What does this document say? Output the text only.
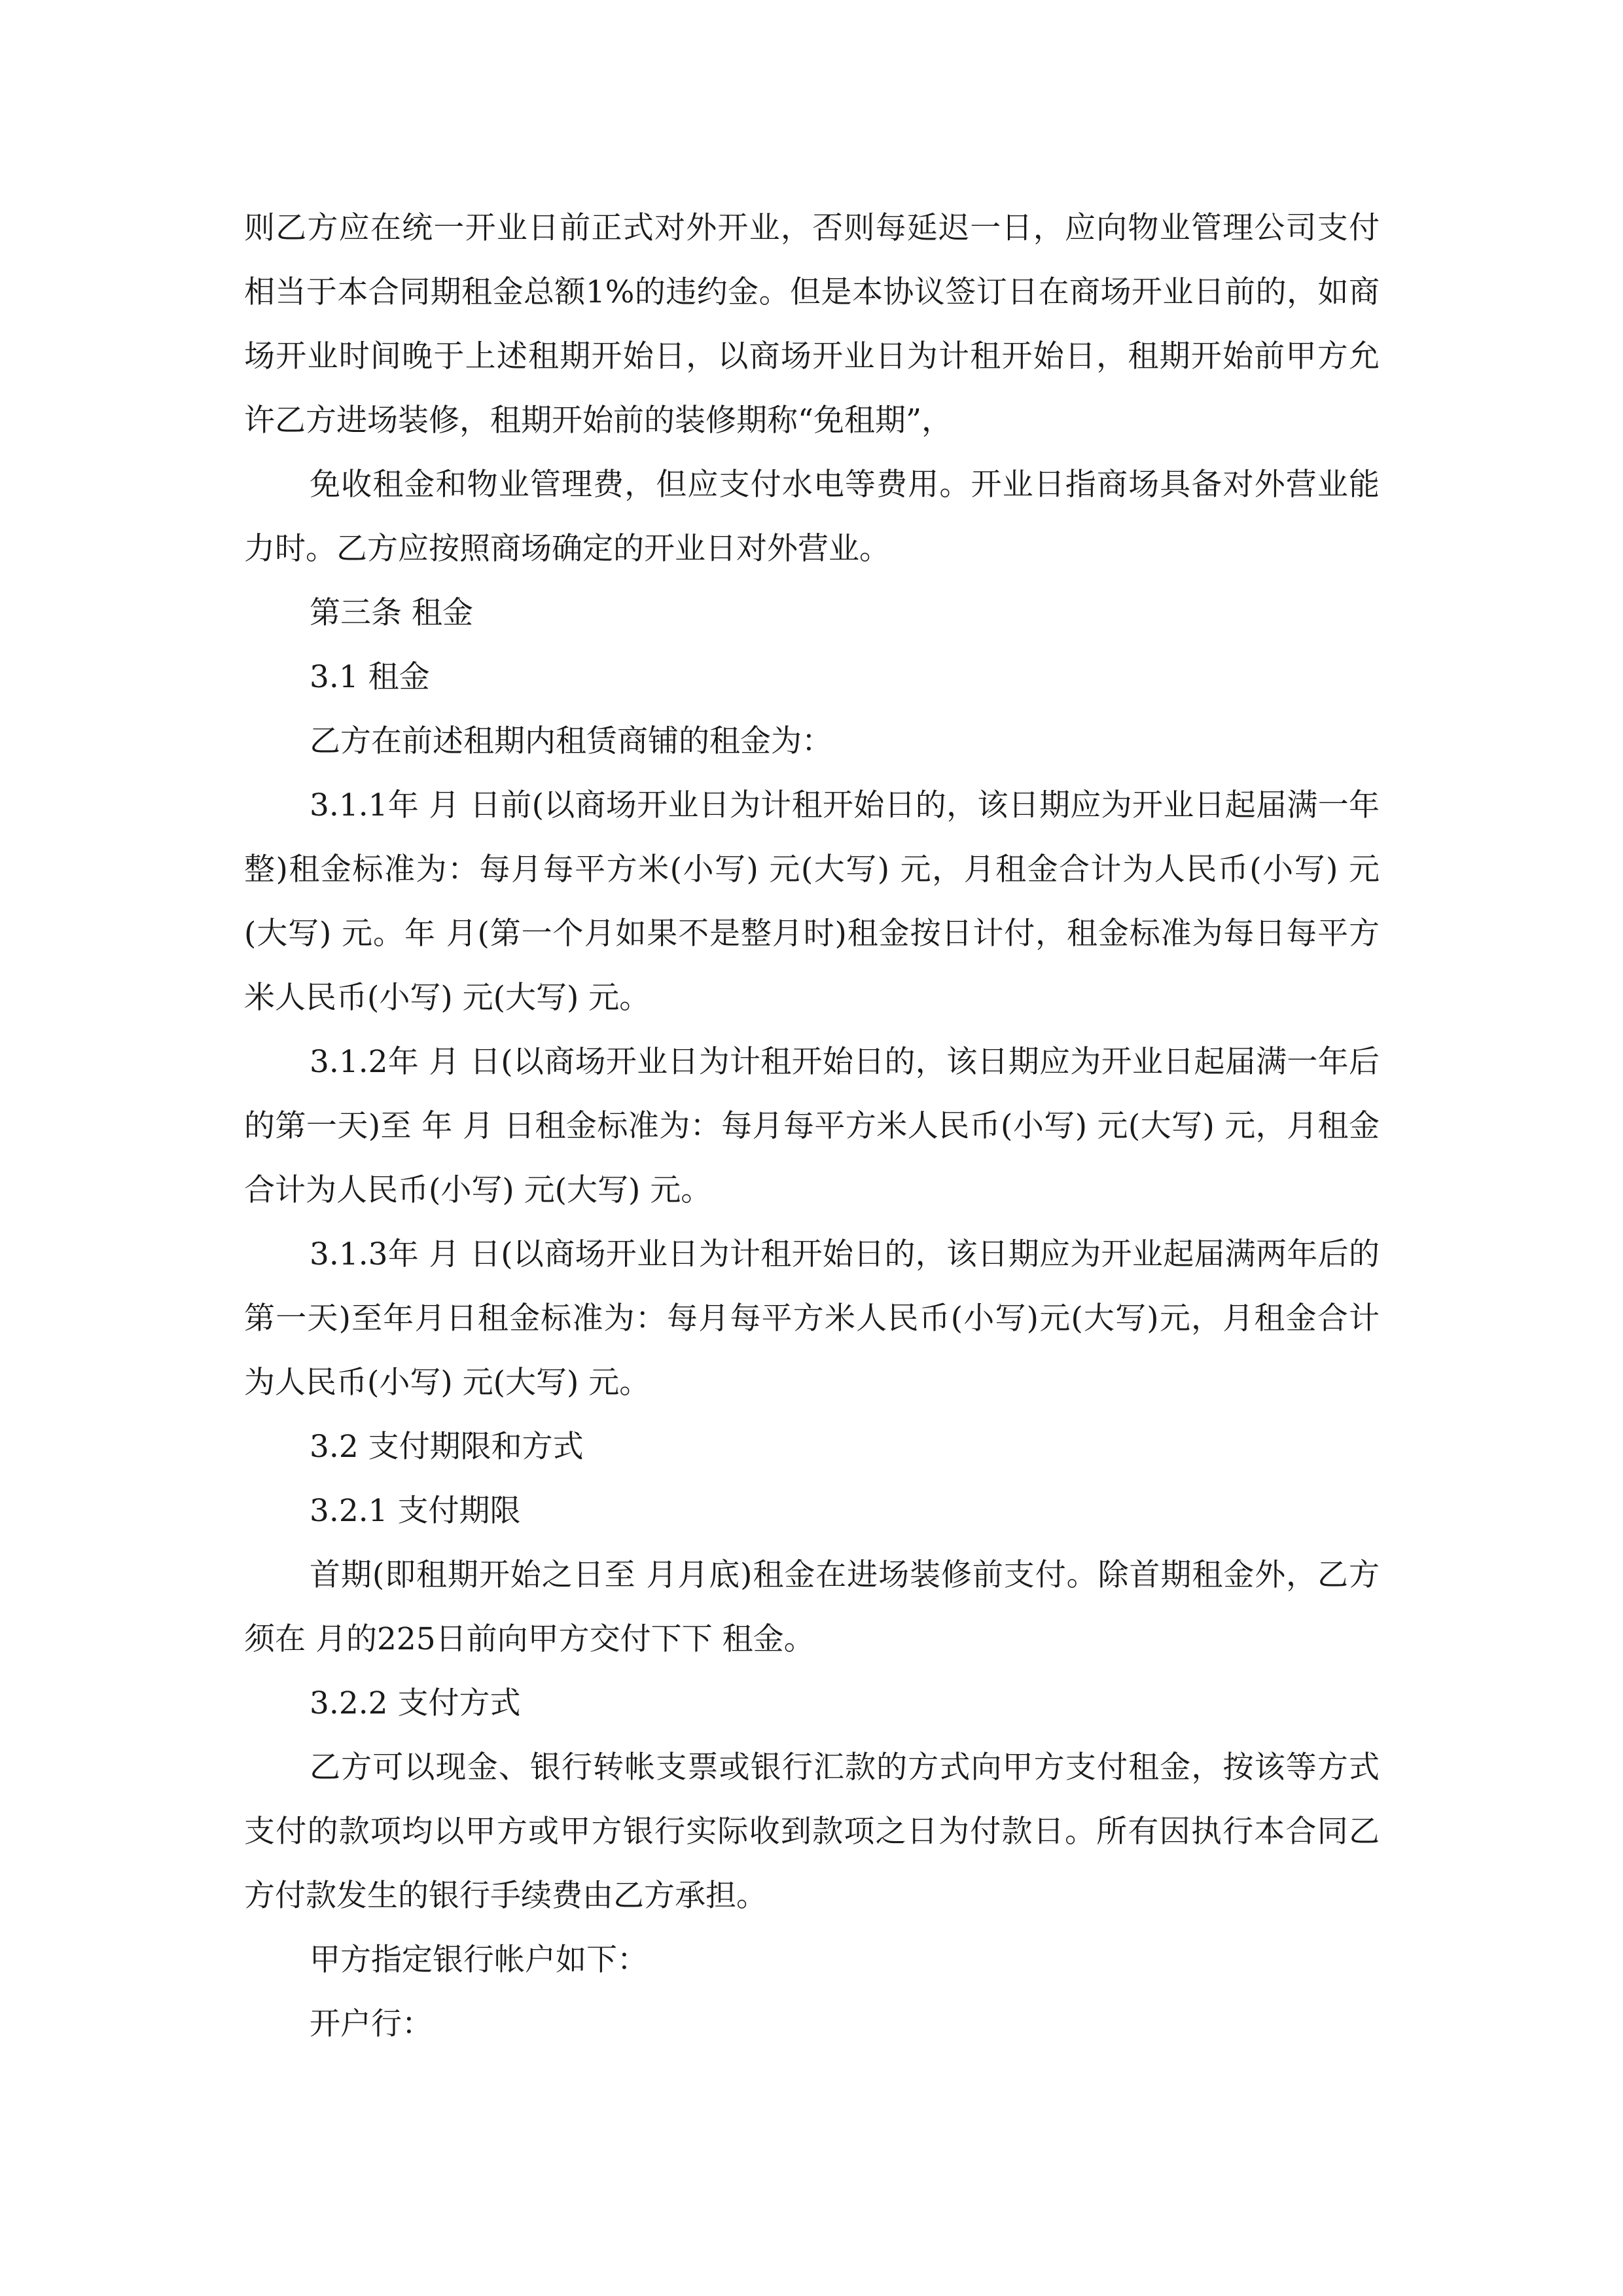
则乙方应在统一开业日前正式对外开业，否则每延迟一日，应向物业管理公司支付相当于本合同期租金总额1%的违约金。但是本协议签订日在商场开业日前的，如商场开业时间晚于上述租期开始日，以商场开业日为计租开始日，租期开始前甲方允许乙方进场装修，租期开始前的装修期称“免租期”，

免收租金和物业管理费，但应支付水电等费用。开业日指商场具备对外营业能力时。乙方应按照商场确定的开业日对外营业。

第三条 租金

3.1 租金

乙方在前述租期内租赁商铺的租金为：

3.1.1年 月 日前(以商场开业日为计租开始日的，该日期应为开业日起届满一年整)租金标准为：每月每平方米(小写) 元(大写) 元，月租金合计为人民币(小写) 元(大写) 元。年 月(第一个月如果不是整月时)租金按日计付，租金标准为每日每平方米人民币(小写) 元(大写) 元。

3.1.2年 月 日(以商场开业日为计租开始日的，该日期应为开业日起届满一年后的第一天)至 年 月 日租金标准为：每月每平方米人民币(小写) 元(大写) 元，月租金合计为人民币(小写) 元(大写) 元。

3.1.3年 月 日(以商场开业日为计租开始日的，该日期应为开业起届满两年后的第一天)至年月日租金标准为：每月每平方米人民币(小写)元(大写)元，月租金合计为人民币(小写) 元(大写) 元。

3.2 支付期限和方式

3.2.1 支付期限

首期(即租期开始之日至 月月底)租金在进场装修前支付。除首期租金外，乙方须在 月的225日前向甲方交付下下 租金。

3.2.2 支付方式

乙方可以现金、银行转帐支票或银行汇款的方式向甲方支付租金，按该等方式支付的款项均以甲方或甲方银行实际收到款项之日为付款日。所有因执行本合同乙方付款发生的银行手续费由乙方承担。

甲方指定银行帐户如下：

开户行：
